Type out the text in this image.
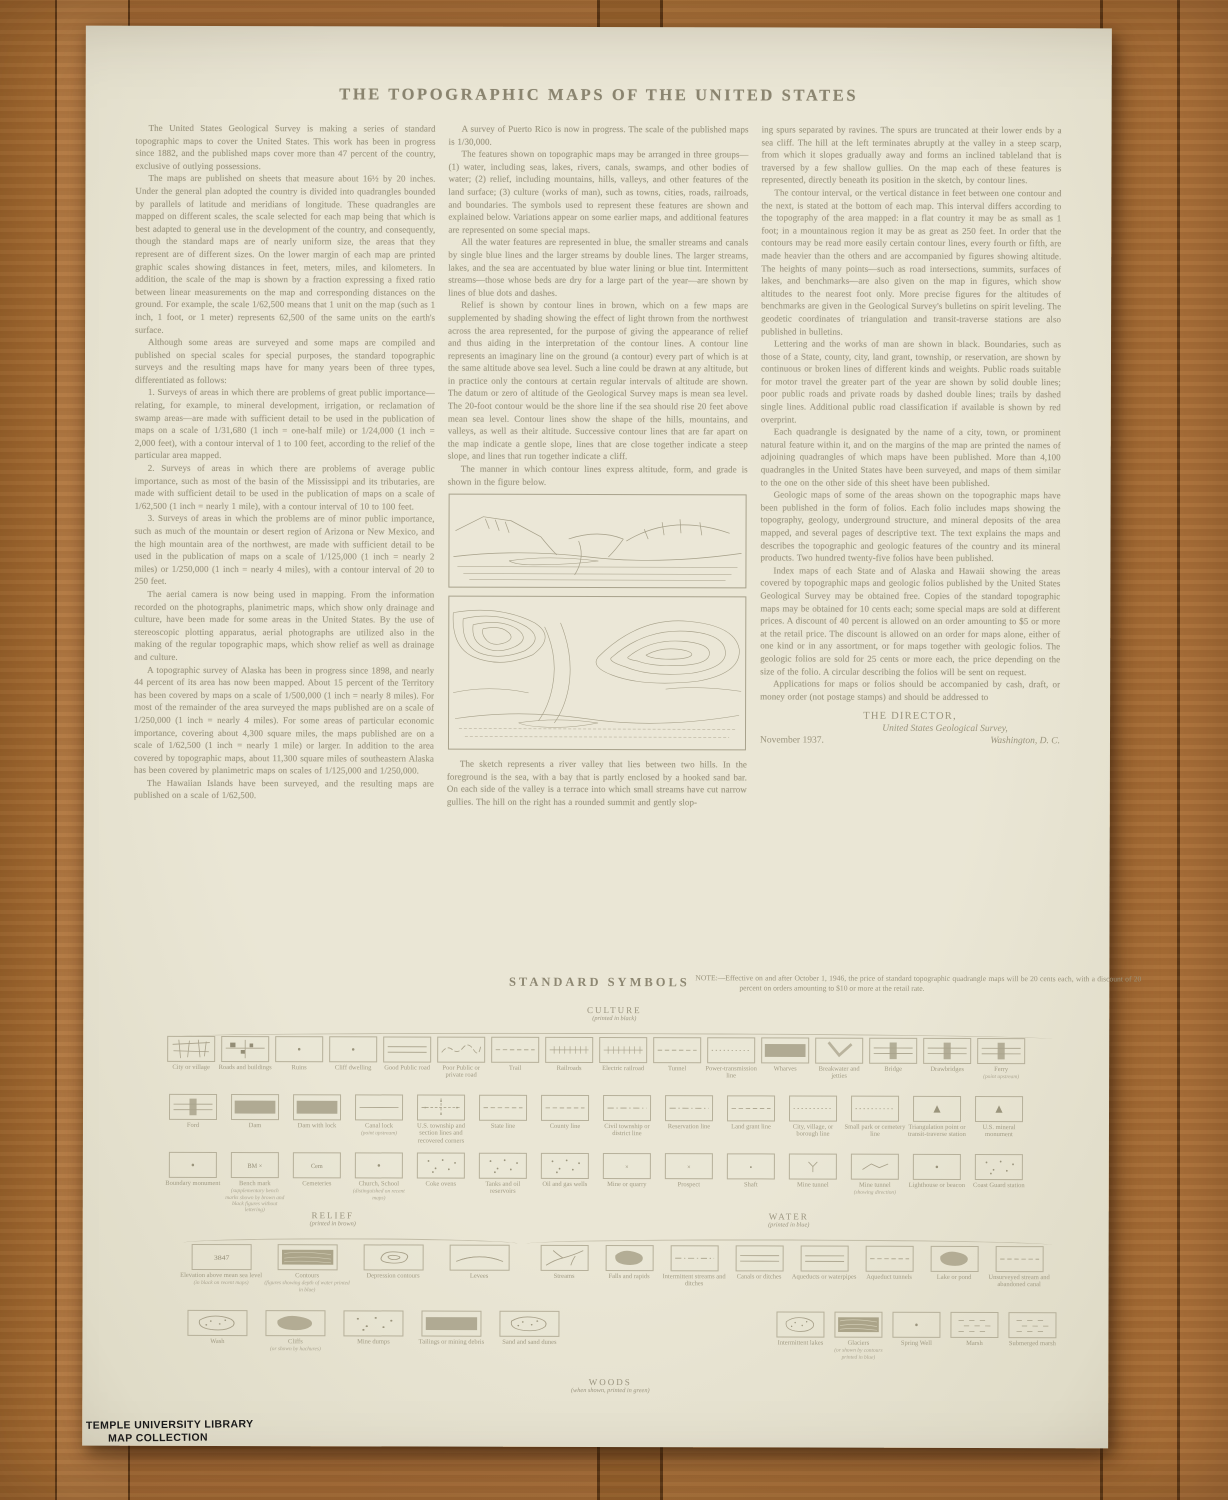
THE TOPOGRAPHIC MAPS OF THE UNITED STATES

The United States Geological Survey is making a series of standard topographic maps to cover the United States. This work has been in progress since 1882, and the published maps cover more than 47 percent of the country, exclusive of outlying possessions.

The maps are published on sheets that measure about 16½ by 20 inches. Under the general plan adopted the country is divided into quadrangles bounded by parallels of latitude and meridians of longitude. These quadrangles are mapped on different scales, the scale selected for each map being that which is best adapted to general use in the development of the country, and consequently, though the standard maps are of nearly uniform size, the areas that they represent are of different sizes. On the lower margin of each map are printed graphic scales showing distances in feet, meters, miles, and kilometers. In addition, the scale of the map is shown by a fraction expressing a fixed ratio between linear measurements on the map and corresponding distances on the ground. For example, the scale 1/62,500 means that 1 unit on the map (such as 1 inch, 1 foot, or 1 meter) represents 62,500 of the same units on the earth's surface.

Although some areas are surveyed and some maps are compiled and published on special scales for special purposes, the standard topographic surveys and the resulting maps have for many years been of three types, differentiated as follows:

1. Surveys of areas in which there are problems of great public importance—relating, for example, to mineral development, irrigation, or reclamation of swamp areas—are made with sufficient detail to be used in the publication of maps on a scale of 1/31,680 (1 inch = one-half mile) or 1/24,000 (1 inch = 2,000 feet), with a contour interval of 1 to 100 feet, according to the relief of the particular area mapped.

2. Surveys of areas in which there are problems of average public importance, such as most of the basin of the Mississippi and its tributaries, are made with sufficient detail to be used in the publication of maps on a scale of 1/62,500 (1 inch = nearly 1 mile), with a contour interval of 10 to 100 feet.

3. Surveys of areas in which the problems are of minor public importance, such as much of the mountain or desert region of Arizona or New Mexico, and the high mountain area of the northwest, are made with sufficient detail to be used in the publication of maps on a scale of 1/125,000 (1 inch = nearly 2 miles) or 1/250,000 (1 inch = nearly 4 miles), with a contour interval of 20 to 250 feet.

The aerial camera is now being used in mapping. From the information recorded on the photographs, planimetric maps, which show only drainage and culture, have been made for some areas in the United States. By the use of stereoscopic plotting apparatus, aerial photographs are utilized also in the making of the regular topographic maps, which show relief as well as drainage and culture.

A topographic survey of Alaska has been in progress since 1898, and nearly 44 percent of its area has now been mapped. About 15 percent of the Territory has been covered by maps on a scale of 1/500,000 (1 inch = nearly 8 miles). For most of the remainder of the area surveyed the maps published are on a scale of 1/250,000 (1 inch = nearly 4 miles). For some areas of particular economic importance, covering about 4,300 square miles, the maps published are on a scale of 1/62,500 (1 inch = nearly 1 mile) or larger. In addition to the area covered by topographic maps, about 11,300 square miles of southeastern Alaska has been covered by planimetric maps on scales of 1/125,000 and 1/250,000.

The Hawaiian Islands have been surveyed, and the resulting maps are published on a scale of 1/62,500.

A survey of Puerto Rico is now in progress. The scale of the published maps is 1/30,000.

The features shown on topographic maps may be arranged in three groups—(1) water, including seas, lakes, rivers, canals, swamps, and other bodies of water; (2) relief, including mountains, hills, valleys, and other features of the land surface; (3) culture (works of man), such as towns, cities, roads, railroads, and boundaries. The symbols used to represent these features are shown and explained below. Variations appear on some earlier maps, and additional features are represented on some special maps.

All the water features are represented in blue, the smaller streams and canals by single blue lines and the larger streams by double lines. The larger streams, lakes, and the sea are accentuated by blue water lining or blue tint. Intermittent streams—those whose beds are dry for a large part of the year—are shown by lines of blue dots and dashes.

Relief is shown by contour lines in brown, which on a few maps are supplemented by shading showing the effect of light thrown from the northwest across the area represented, for the purpose of giving the appearance of relief and thus aiding in the interpretation of the contour lines. A contour line represents an imaginary line on the ground (a contour) every part of which is at the same altitude above sea level. Such a line could be drawn at any altitude, but in practice only the contours at certain regular intervals of altitude are shown. The datum or zero of altitude of the Geological Survey maps is mean sea level. The 20-foot contour would be the shore line if the sea should rise 20 feet above mean sea level. Contour lines show the shape of the hills, mountains, and valleys, as well as their altitude. Successive contour lines that are far apart on the map indicate a gentle slope, lines that are close together indicate a steep slope, and lines that run together indicate a cliff.

The manner in which contour lines express altitude, form, and grade is shown in the figure below.

The sketch represents a river valley that lies between two hills. In the foreground is the sea, with a bay that is partly enclosed by a hooked sand bar. On each side of the valley is a terrace into which small streams have cut narrow gullies. The hill on the right has a rounded summit and gently slop-

ing spurs separated by ravines. The spurs are truncated at their lower ends by a sea cliff. The hill at the left terminates abruptly at the valley in a steep scarp, from which it slopes gradually away and forms an inclined tableland that is traversed by a few shallow gullies. On the map each of these features is represented, directly beneath its position in the sketch, by contour lines.

The contour interval, or the vertical distance in feet between one contour and the next, is stated at the bottom of each map. This interval differs according to the topography of the area mapped: in a flat country it may be as small as 1 foot; in a mountainous region it may be as great as 250 feet. In order that the contours may be read more easily certain contour lines, every fourth or fifth, are made heavier than the others and are accompanied by figures showing altitude. The heights of many points—such as road intersections, summits, surfaces of lakes, and benchmarks—are also given on the map in figures, which show altitudes to the nearest foot only. More precise figures for the altitudes of benchmarks are given in the Geological Survey's bulletins on spirit leveling. The geodetic coordinates of triangulation and transit-traverse stations are also published in bulletins.

Lettering and the works of man are shown in black. Boundaries, such as those of a State, county, city, land grant, township, or reservation, are shown by continuous or broken lines of different kinds and weights. Public roads suitable for motor travel the greater part of the year are shown by solid double lines; poor public roads and private roads by dashed double lines; trails by dashed single lines. Additional public road classification if available is shown by red overprint.

Each quadrangle is designated by the name of a city, town, or prominent natural feature within it, and on the margins of the map are printed the names of adjoining quadrangles of which maps have been published. More than 4,100 quadrangles in the United States have been surveyed, and maps of them similar to the one on the other side of this sheet have been published.

Geologic maps of some of the areas shown on the topographic maps have been published in the form of folios. Each folio includes maps showing the topography, geology, underground structure, and mineral deposits of the area mapped, and several pages of descriptive text. The text explains the maps and describes the topographic and geologic features of the country and its mineral products. Two hundred twenty-five folios have been published.

Index maps of each State and of Alaska and Hawaii showing the areas covered by topographic maps and geologic folios published by the United States Geological Survey may be obtained free. Copies of the standard topographic maps may be obtained for 10 cents each; some special maps are sold at different prices. A discount of 40 percent is allowed on an order amounting to $5 or more at the retail price. The discount is allowed on an order for maps alone, either of one kind or in any assortment, or for maps together with geologic folios. The geologic folios are sold for 25 cents or more each, the price depending on the size of the folio. A circular describing the folios will be sent on request.

Applications for maps or folios should be accompanied by cash, draft, or money order (not postage stamps) and should be addressed to

THE DIRECTOR,
United States Geological Survey,
November 1937.	Washington, D. C.
STANDARD SYMBOLS NOTE:—Effective on and after October 1, 1946, the price of standard topographic quadrangle maps will be 20 cents each, with a discount of 20 percent on orders amounting to $10 or more at the retail rate.
CULTURE
(printed in black)
City or village Roads and buildings	Ruins	Cliff dwelling Good Public road	Poor Public or private road
Trail	Railroads	Electric railroad	Tunnel	Power-transmission line
Wharves	Breakwater and jetties
Bridge	Drawbridges	Ferry
(point upstream)
Ford	Dam	Dam with lock	Canal lock
(point upstream)
U.S. township and section lines and recovered corners
State line	County line	Civil township or district line
Reservation line	Land grant line	City, village, or borough line
Small park or cemetery line
Triangulation point or transit-traverse station
U.S. mineral monument
Boundary monument
BM ×
Bench mark
(supplementary bench marks shown by brown and black figures without lettering)
Cem
Cemeteries	Church, School
(distinguished on recent maps)
Coke ovens	Tanks and oil reservoirs
Oil and gas wells
×
Mine or quarry
×
Prospect
▪
Shaft	Mine tunnel	Mine tunnel
(showing direction)
Lighthouse or beacon Coast Guard station
RELIEF
(printed in brown)
WATER
(printed in blue)
3847
Elevation above mean sea level
(in black on recent maps)
Contours
(figures showing depth of water printed in blue)
Depression contours	Levees	Streams	Falls and rapids Intermittent streams and ditches
Canals or ditches Aqueducts or waterpipes Aqueduct tunnels	Lake or pond	Unsurveyed stream and abandoned canal
Wash	Cliffs
(or shown by hachures)
Mine dumps	Tailings or mining debris	Sand and sand dunes	Intermittent lakes	Glaciers
(or shown by contours printed in blue)
Spring Well	Marsh	Submerged marsh
WOODS
(when shown, printed in green)
TEMPLE UNIVERSITY LIBRARY
MAP COLLECTION
